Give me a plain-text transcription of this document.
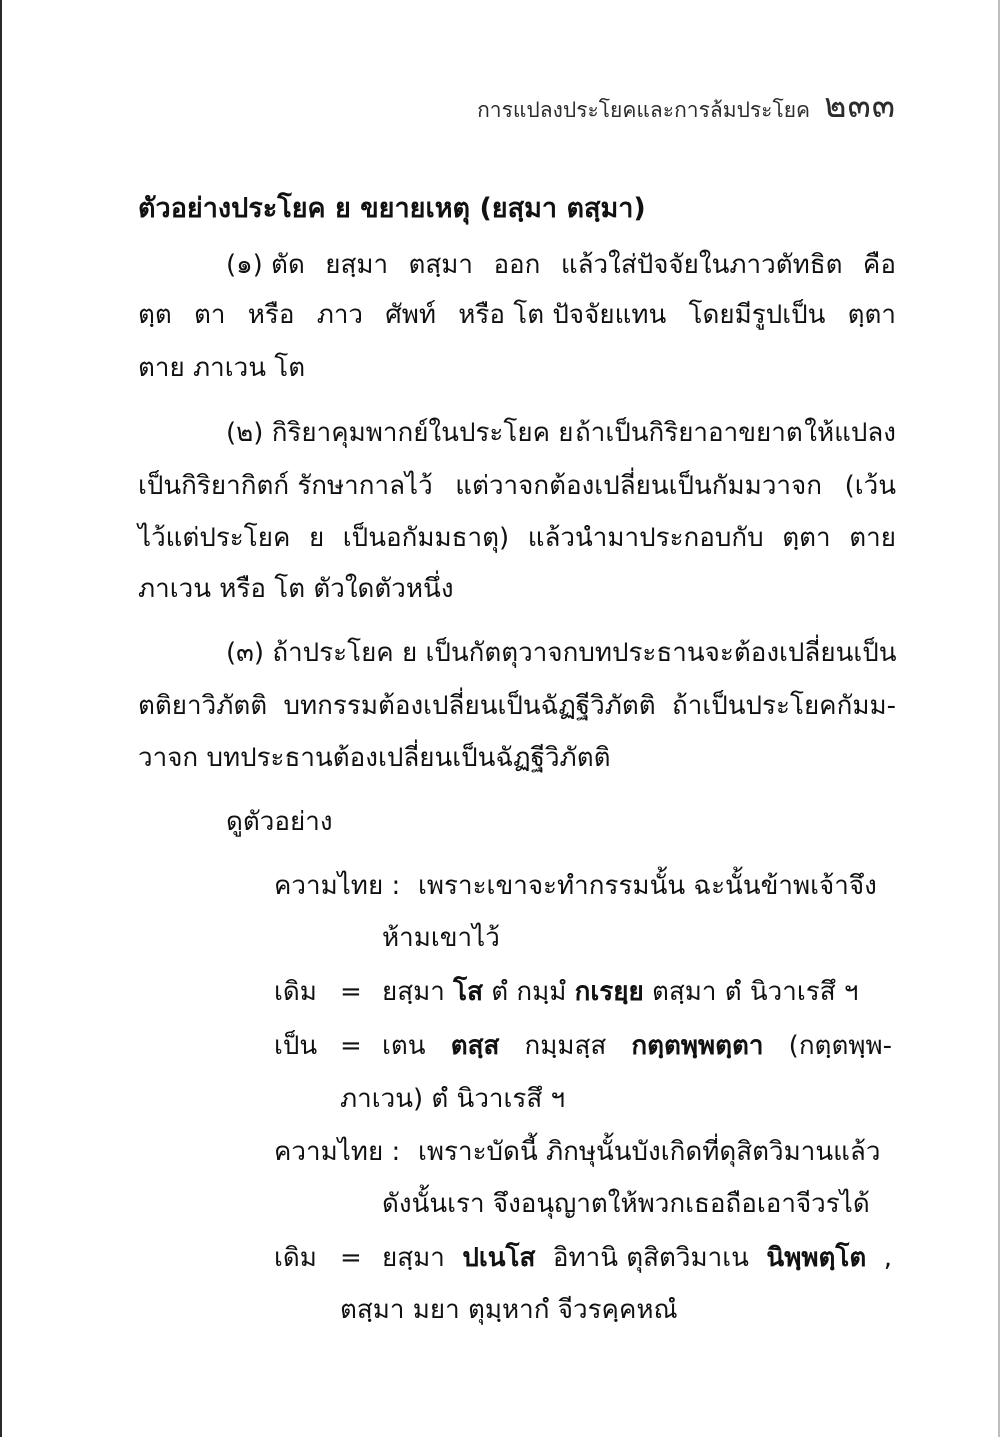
การแปลงประโยคและการล้มประโยค ๒๓๓
ตัวอย่างประโยค ย ขยายเหตุ (ยสฺมา ตสฺมา)
(๑) ตัด ยสฺมา ตสฺมา ออก แล้วใส่ปัจจัยในภาวตัทธิต คือ
ตฺต ตา หรือ ภาว ศัพท์ หรือ โต ปัจจัยแทน โดยมีรูปเป็น ตฺตา
ตาย ภาเวน โต
(๒) กิริยาคุมพากย์ในประโยค ย ถ้าเป็นกิริยาอาขยาต ให้แปลง
เป็นกิริยากิตก์ รักษากาลไว้ แต่วาจกต้องเปลี่ยนเป็นกัมมวาจก (เว้น
ไว้แต่ประโยค ย เป็นอกัมมธาตุ) แล้วนำมาประกอบกับ ตฺตา ตาย
ภาเวน หรือ โต ตัวใดตัวหนึ่ง
(๓) ถ้าประโยค ย เป็นกัตตุวาจก บทประธานจะต้องเปลี่ยนเป็น
ตติยาวิภัตติ บทกรรมต้องเปลี่ยนเป็นฉัฏฐีวิภัตติ ถ้าเป็นประโยคกัมม-
วาจก บทประธานต้องเปลี่ยนเป็นฉัฏฐีวิภัตติ
ดูตัวอย่าง
ความไทย : เพราะเขาจะทำกรรมนั้น ฉะนั้นข้าพเจ้าจึง
ห้ามเขาไว้
เดิม = ยสฺมา โส ตํ กมฺมํ กเรยฺย ตสฺมา ตํ นิวาเรสึ ฯ
เป็น = เตน ตสฺส กมฺมสฺส กตฺตพฺพตฺตา (กตฺตพฺพ-
ภาเวน) ตํ นิวาเรสึ ฯ
ความไทย : เพราะบัดนี้ ภิกษุนั้นบังเกิดที่ดุสิตวิมานแล้ว
ดังนั้นเรา จึงอนุญาตให้พวกเธอถือเอาจีวรได้
เดิม = ยสฺมา ปเนโส อิทานิ ตุสิตวิมาเน นิพฺพตฺโต ,
ตสฺมา มยา ตุมฺหากํ จีวรคฺคหณํ
